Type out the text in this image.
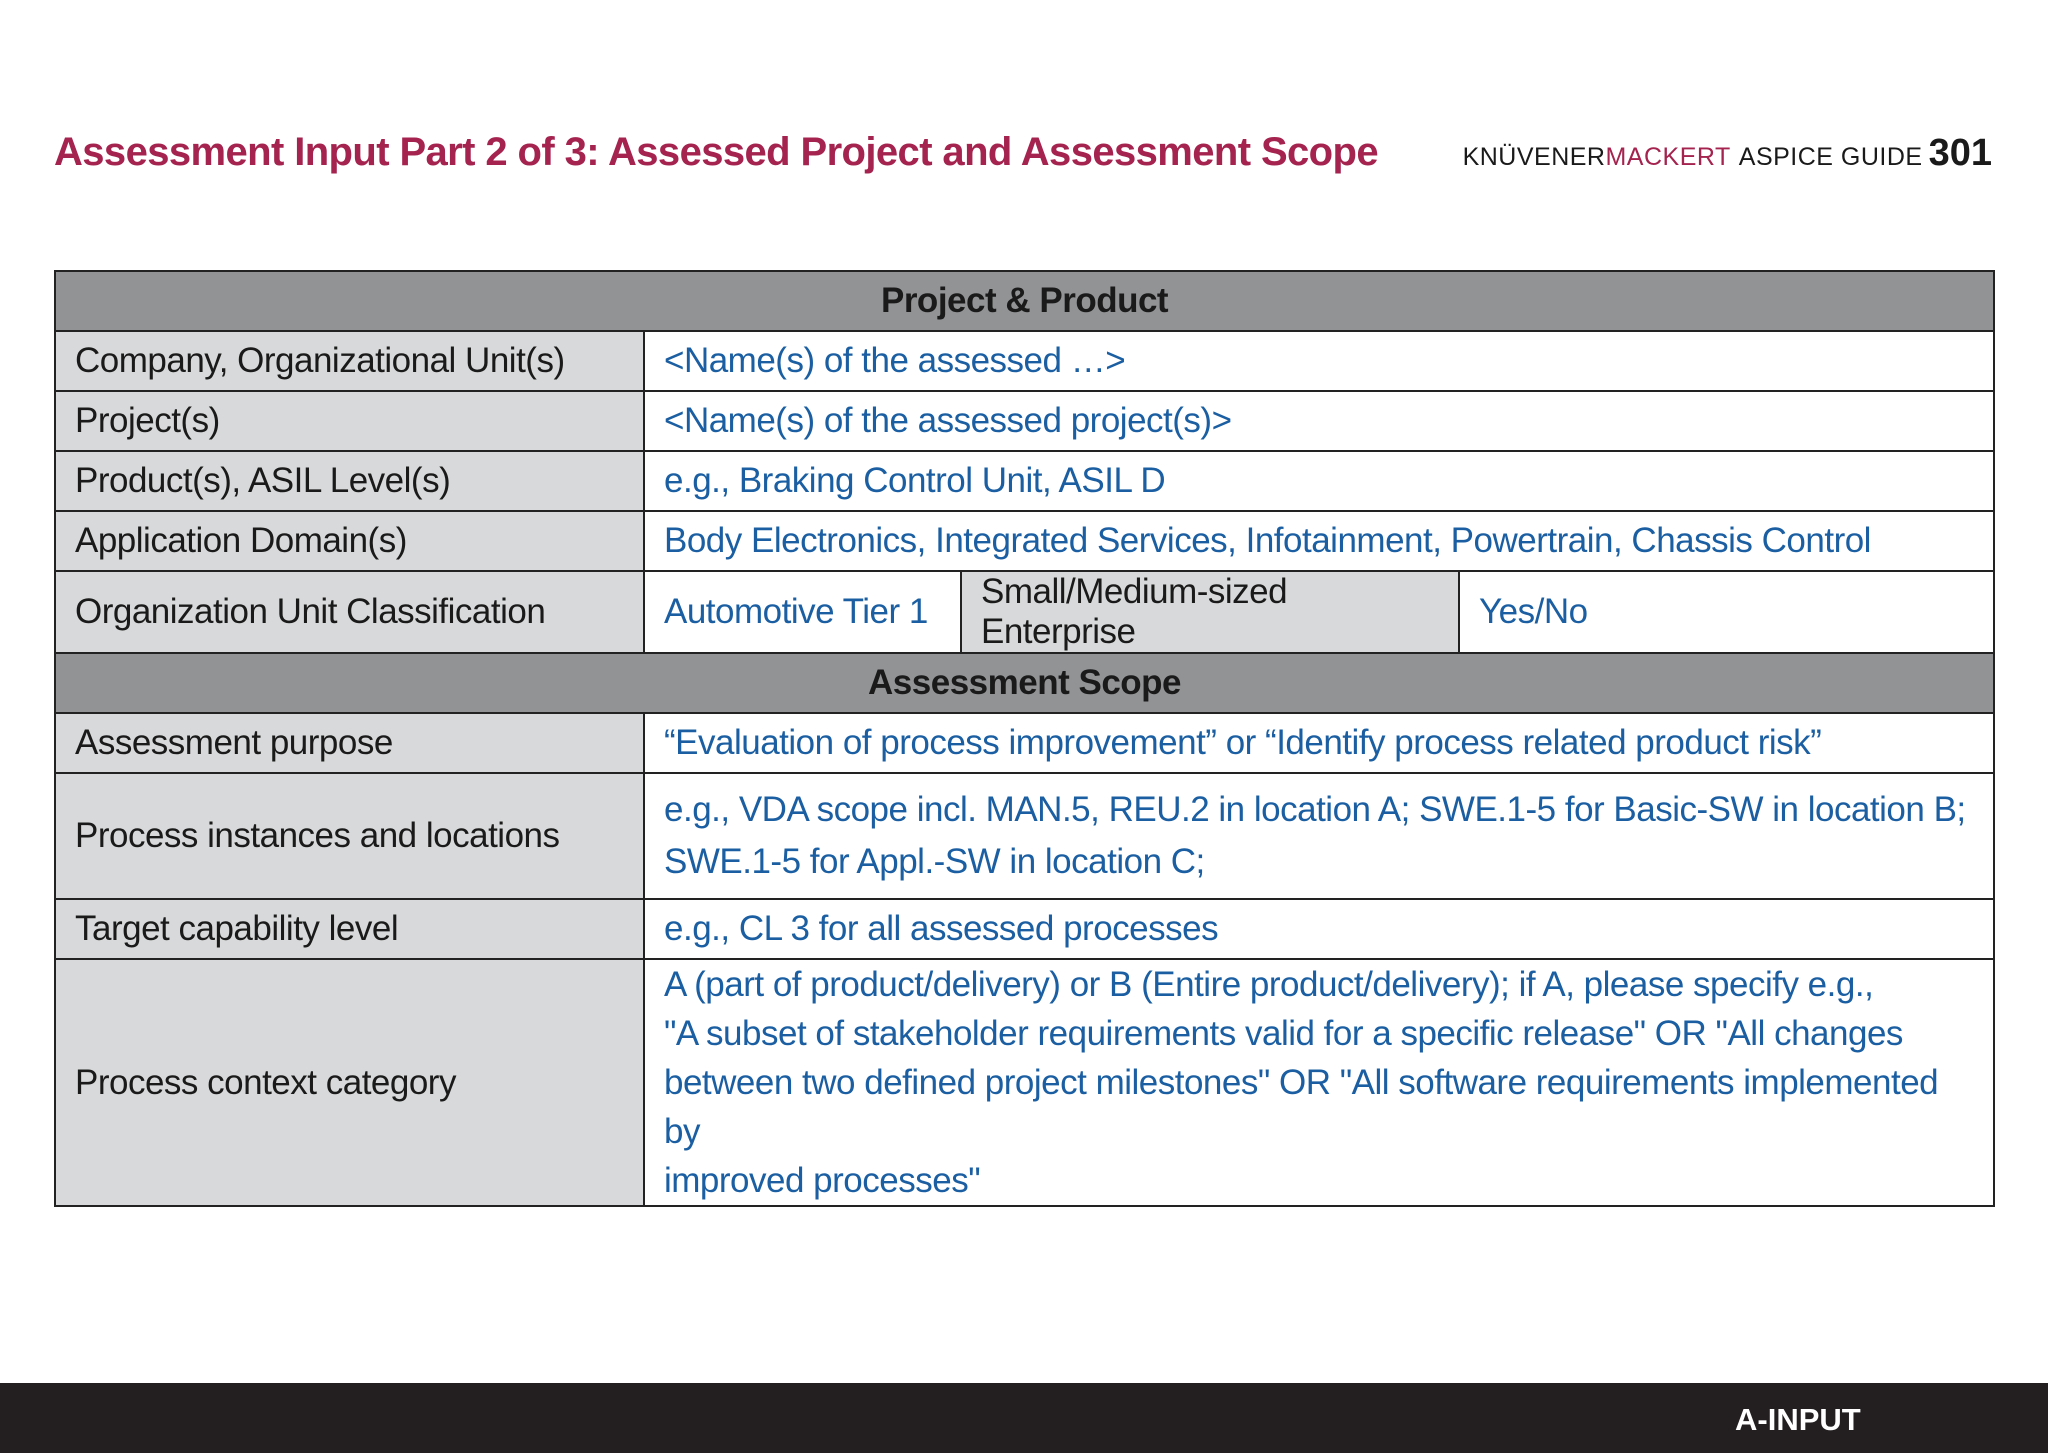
Assessment Input Part 2 of 3: Assessed Project and Assessment Scope	KNÜVENER MACKERT ASPICE GUIDE 301
Project & Product			
Company, Organizational Unit(s)	<Name(s) of the assessed …>		
Project(s)	<Name(s) of the assessed project(s)>		
Product(s), ASIL Level(s)	e.g., Braking Control Unit, ASIL D		
Application Domain(s)	Body Electronics, Integrated Services, Infotainment, Powertrain, Chassis Control		
Organization Unit Classification	Automotive Tier 1	Small/Medium-sized Enterprise	Yes/No
Assessment Scope			
Assessment purpose	“Evaluation of process improvement” or “Identify process related product risk”		
Process instances and locations	e.g., VDA scope incl. MAN.5, REU.2 in location A; SWE.1-5 for Basic-SW in location B;
SWE.1-5 for Appl.-SW in location C;		

Target capability level	e.g., CL 3 for all assessed processes		
Process context category	A (part of product/delivery) or B (Entire product/delivery); if A, please specify e.g.,
"A subset of stakeholder requirements valid for a specific release" OR "All changes
between two defined project milestones" OR "All software requirements implemented by
improved processes"		
A-INPUT
